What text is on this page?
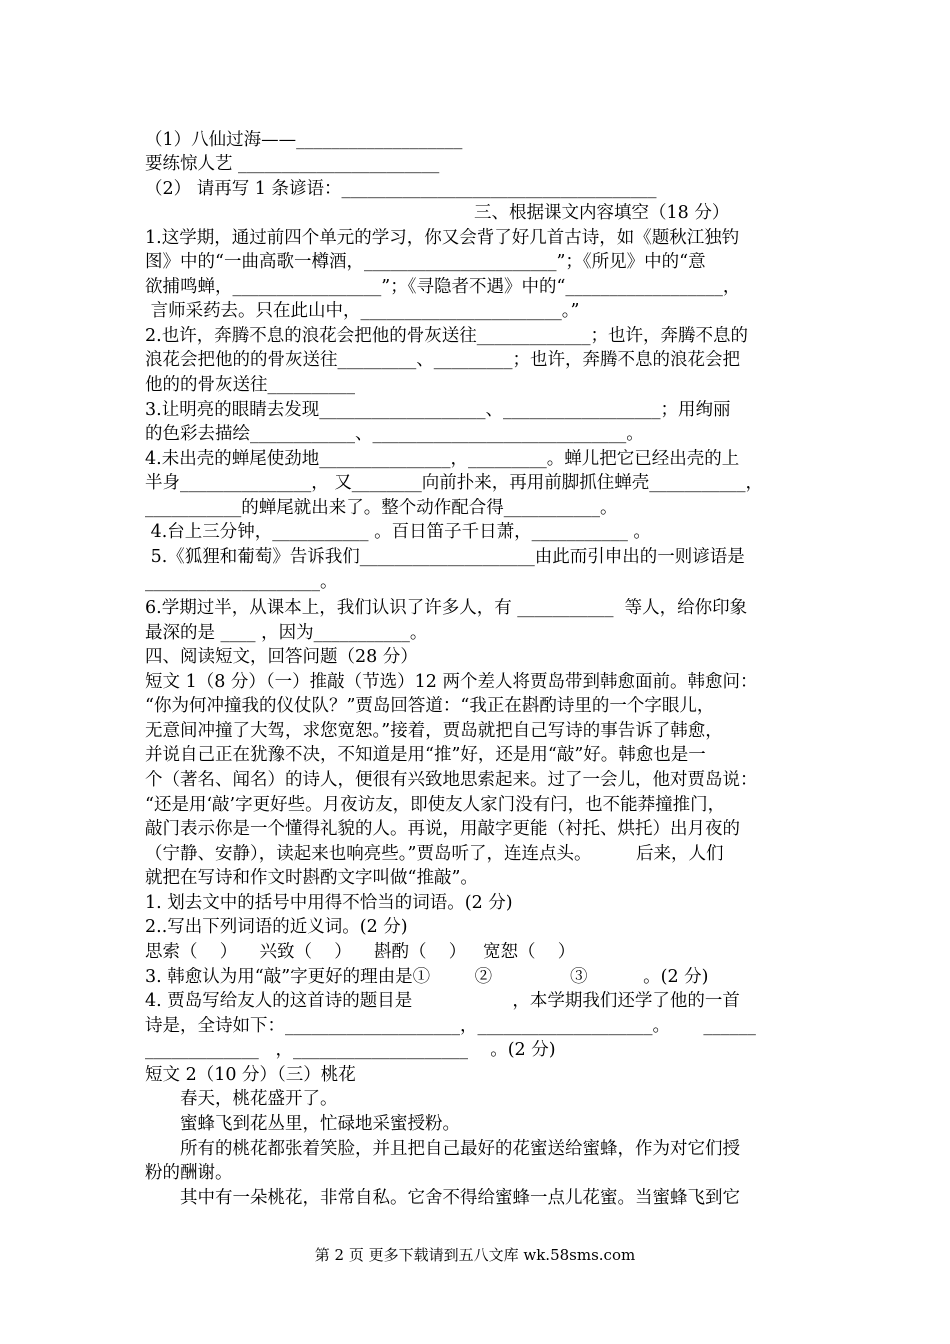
（1）八仙过海——___________________
要练惊人艺 _______________________
（2） 请再写 1 条谚语：____________________________________
三、根据课文内容填空（18 分）
1.这学期，通过前四个单元的学习，你又会背了好几首古诗，如《题秋江独钓
图》中的“一曲高歌一樽酒，______________________”；《所见》中的“意
欲捕鸣蝉，_________________”；《寻隐者不遇》中的“__________________，
言师采药去。只在此山中，_______________________。”
2.也许，奔腾不息的浪花会把他的骨灰送往_____________；也许，奔腾不息的
浪花会把他的的骨灰送往_________、_________；也许，奔腾不息的浪花会把
他的的骨灰送往__________
3.让明亮的眼睛去发现___________________、__________________；用绚丽
的色彩去描绘____________、_____________________________。
4.未出壳的蝉尾使劲地_______________，_________。蝉儿把它已经出壳的上
半身_______________， 又________向前扑来，再用前脚抓住蝉壳___________，
___________的蝉尾就出来了。整个动作配合得___________。
4.台上三分钟，___________ 。百日笛子千日萧，___________ 。
5.《狐狸和葡萄》告诉我们____________________由此而引申出的一则谚语是
____________________。
6.学期过半，从课本上，我们认识了许多人，有 ___________  等人，给你印象
最深的是 ____ ，因为___________。
四、阅读短文，回答问题（28 分）
短文 1（8 分）（一）推敲（节选）12 两个差人将贾岛带到韩愈面前。韩愈问：
“你为何冲撞我的仪仗队？”贾岛回答道：“我正在斟酌诗里的一个字眼儿，
无意间冲撞了大驾，求您宽恕。”接着，贾岛就把自己写诗的事告诉了韩愈，
并说自己正在犹豫不决，不知道是用“推”好，还是用“敲”好。韩愈也是一
个（著名、闻名）的诗人，便很有兴致地思索起来。过了一会儿，他对贾岛说：
“还是用‘敲’字更好些。月夜访友，即使友人家门没有闩，也不能莽撞推门，
敲门表示你是一个懂得礼貌的人。再说，用敲字更能（衬托、烘托）出月夜的
（宁静、安静），读起来也响亮些。”贾岛听了，连连点头。        后来，人们
就把在写诗和作文时斟酌文字叫做“推敲”。
1. 划去文中的括号中用得不恰当的词语。(2 分)
2..写出下列词语的近义词。(2 分)
思索（    ）    兴致（    ）    斟酌（    ）   宽恕（    ）
3. 韩愈认为用“敲”字更好的理由是①        ②              ③          。(2 分)
4. 贾岛写给友人的这首诗的题目是                  ，本学期我们还学了他的一首
诗是，全诗如下：____________________，____________________。      ______
_____________   ，____________________    。(2 分)
短文 2（10 分）（三）桃花
春天，桃花盛开了。
蜜蜂飞到花丛里，忙碌地采蜜授粉。
所有的桃花都张着笑脸，并且把自己最好的花蜜送给蜜蜂，作为对它们授
粉的酬谢。
其中有一朵桃花，非常自私。它舍不得给蜜蜂一点儿花蜜。当蜜蜂飞到它
第 2 页 更多下载请到五八文库 wk.58sms.com
